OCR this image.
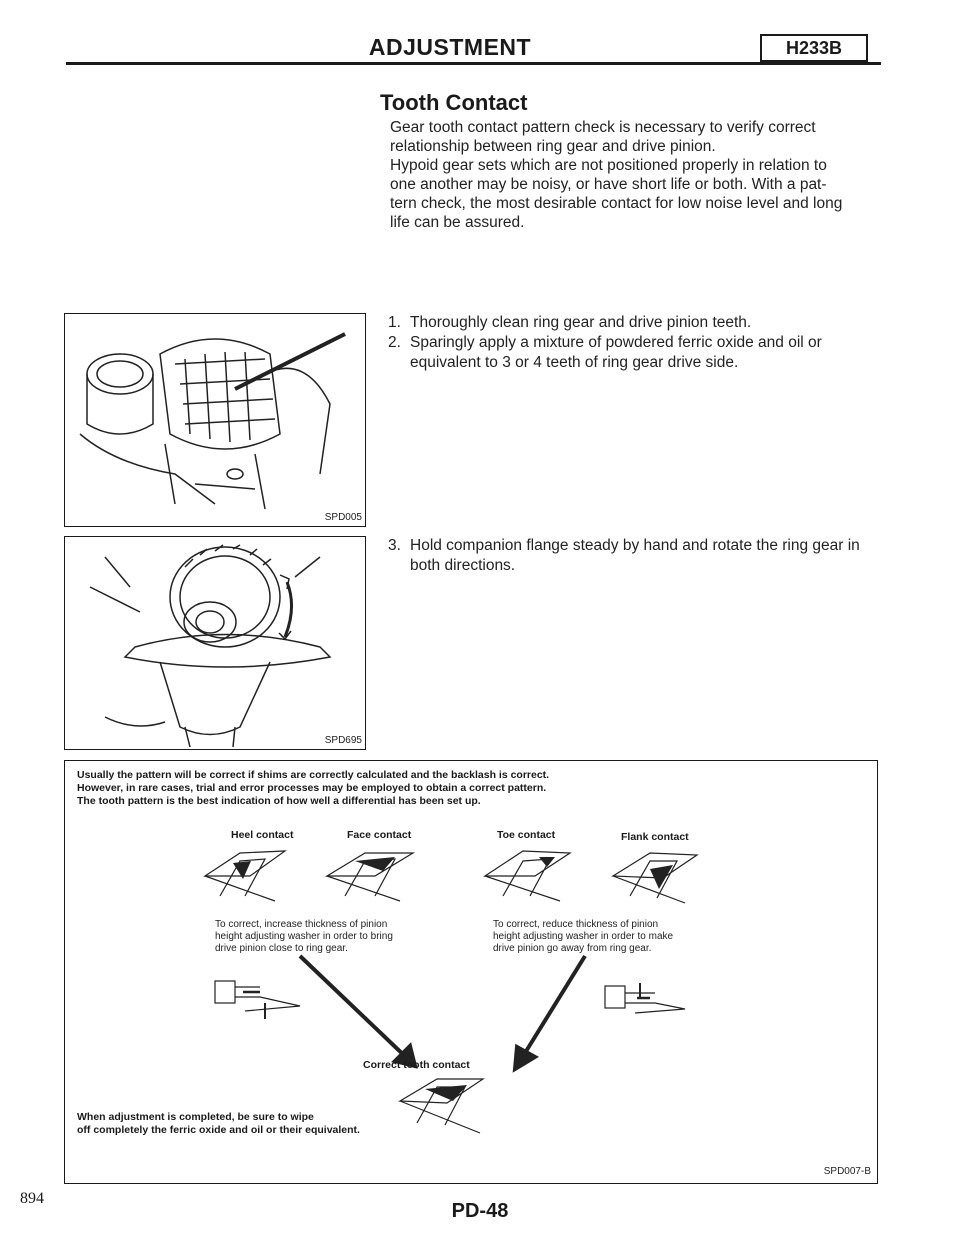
ADJUSTMENT	H233B
Tooth Contact
Gear tooth contact pattern check is necessary to verify correct
relationship between ring gear and drive pinion.
Hypoid gear sets which are not positioned properly in relation to
one another may be noisy, or have short life or both. With a pat-
tern check, the most desirable contact for low noise level and long
life can be assured.
1. Thoroughly clean ring gear and drive pinion teeth.
2. Sparingly apply a mixture of powdered ferric oxide and oil or equivalent to 3 or 4 teeth of ring gear drive side.
3. Hold companion flange steady by hand and rotate the ring gear in both directions.
SPD005
SPD695
Usually the pattern will be correct if shims are correctly calculated and the backlash is correct.
However, in rare cases, trial and error processes may be employed to obtain a correct pattern.
The tooth pattern is the best indication of how well a differential has been set up.
Heel contact	Face contact	Toe contact	Flank contact
To correct, increase thickness of pinion
height adjusting washer in order to bring
drive pinion close to ring gear.
To correct, reduce thickness of pinion
height adjusting washer in order to make
drive pinion go away from ring gear.
Correct tooth contact
When adjustment is completed, be sure to wipe
off completely the ferric oxide and oil or their equivalent.
SPD007-B
894
PD-48
